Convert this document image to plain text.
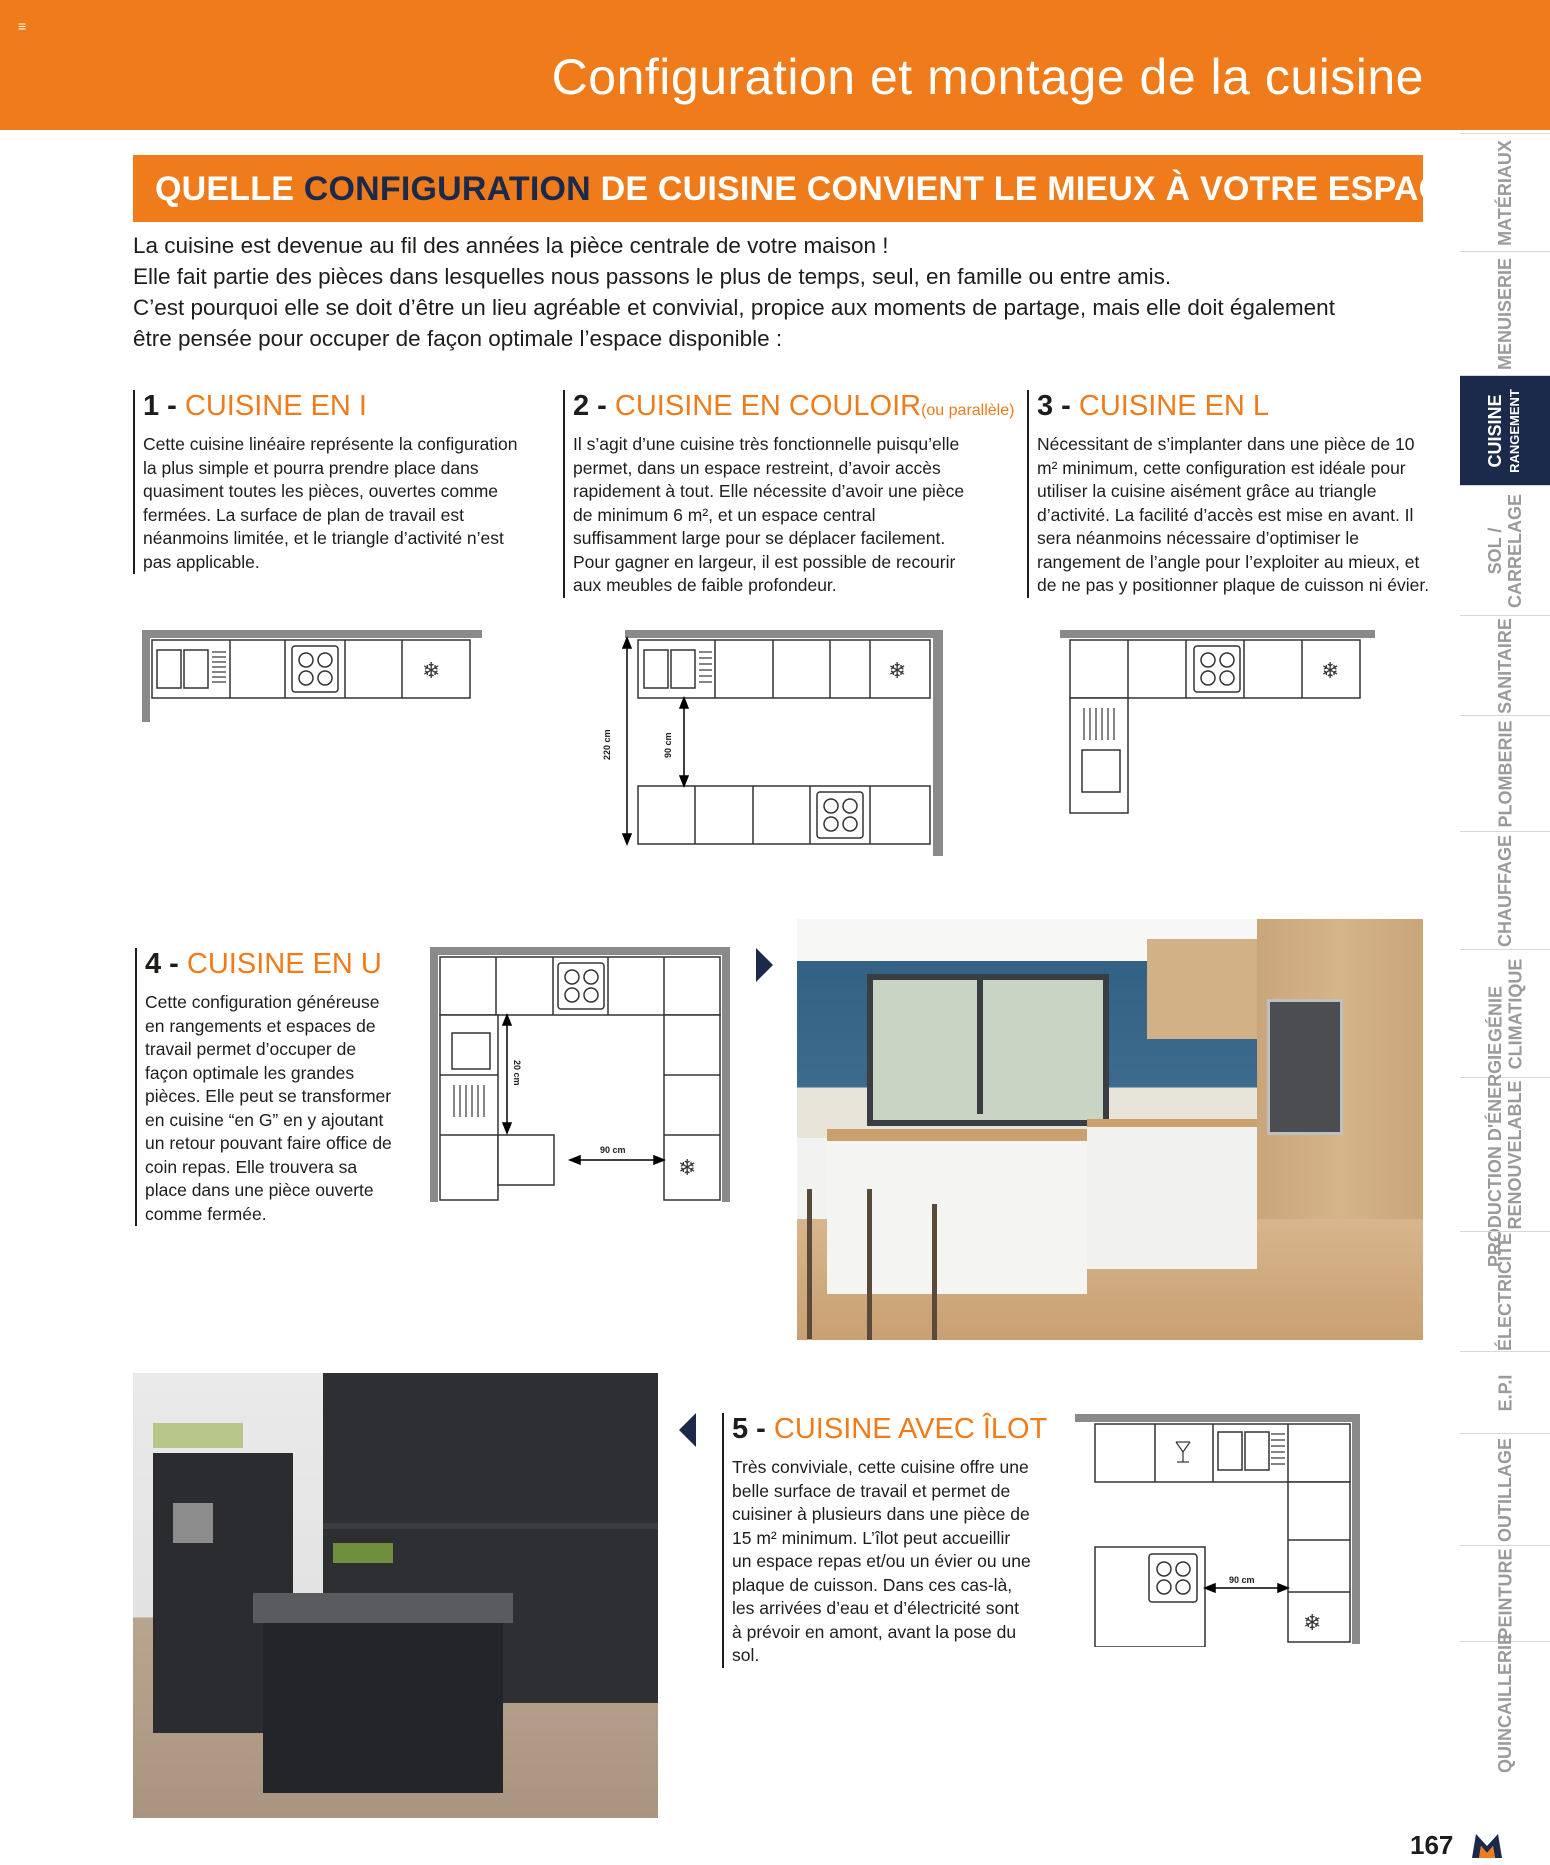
≡
Configuration et montage de la cuisine
QUELLE CONFIGURATION DE CUISINE CONVIENT LE MIEUX À VOTRE ESPACE ?

La cuisine est devenue au fil des années la pièce centrale de votre maison !

Elle fait partie des pièces dans lesquelles nous passons le plus de temps, seul, en famille ou entre amis.

C’est pourquoi elle se doit d’être un lieu agréable et convivial, propice aux moments de partage, mais elle doit également être pensée pour occuper de façon optimale l’espace disponible :

1 - CUISINE EN I
Cette cuisine linéaire représente la configuration la plus simple et pourra prendre place dans quasiment toutes les pièces, ouvertes comme fermées. La surface de plan de travail est néanmoins limitée, et le triangle d’activité n’est pas applicable.
2 - CUISINE EN COULOIR(ou parallèle)
Il s’agit d’une cuisine très fonctionnelle puisqu’elle permet, dans un espace restreint, d’avoir accès rapidement à tout. Elle nécessite d’avoir une pièce de minimum 6 m², et un espace central suffisamment large pour se déplacer facilement. Pour gagner en largeur, il est possible de recourir aux meubles de faible profondeur.
3 - CUISINE EN L
Nécessitant de s’implanter dans une pièce de 10 m² minimum, cette configuration est idéale pour utiliser la cuisine aisément grâce au triangle d’activité. La facilité d’accès est mise en avant. Il sera néanmoins nécessaire d’optimiser le rangement de l’angle pour l’exploiter au mieux, et de ne pas y positionner plaque de cuisson ni évier.
❄	❄
220 cm	90 cm
❄
4 - CUISINE EN U
Cette configuration généreuse en rangements et espaces de travail permet d’occuper de façon optimale les grandes pièces. Elle peut se transformer en cuisine “en G” en y ajoutant un retour pouvant faire office de coin repas. Elle trouvera sa place dans une pièce ouverte comme fermée.
❄
20 cm
90 cm
5 - CUISINE AVEC ÎLOT
Très conviviale, cette cuisine offre une belle surface de travail et permet de cuisiner à plusieurs dans une pièce de 15 m² minimum. L’îlot peut accueillir un espace repas et/ou un évier ou une plaque de cuisson. Dans ces cas-là, les arrivées d’eau et d’électricité sont à prévoir en amont, avant la pose du sol.
❄
90 cm
MATÉRIAUX
MENUISERIE
CUISINE RANGEMENT
SOL / CARRELAGE
SANITAIRE
PLOMBERIE
CHAUFFAGE
GÉNIE CLIMATIQUE
PRODUCTION D'ÉNERGIE RENOUVELABLE
ÉLECTRICITÉ
E.P.I
OUTILLAGE
PEINTURE
QUINCAILLERIE
167
